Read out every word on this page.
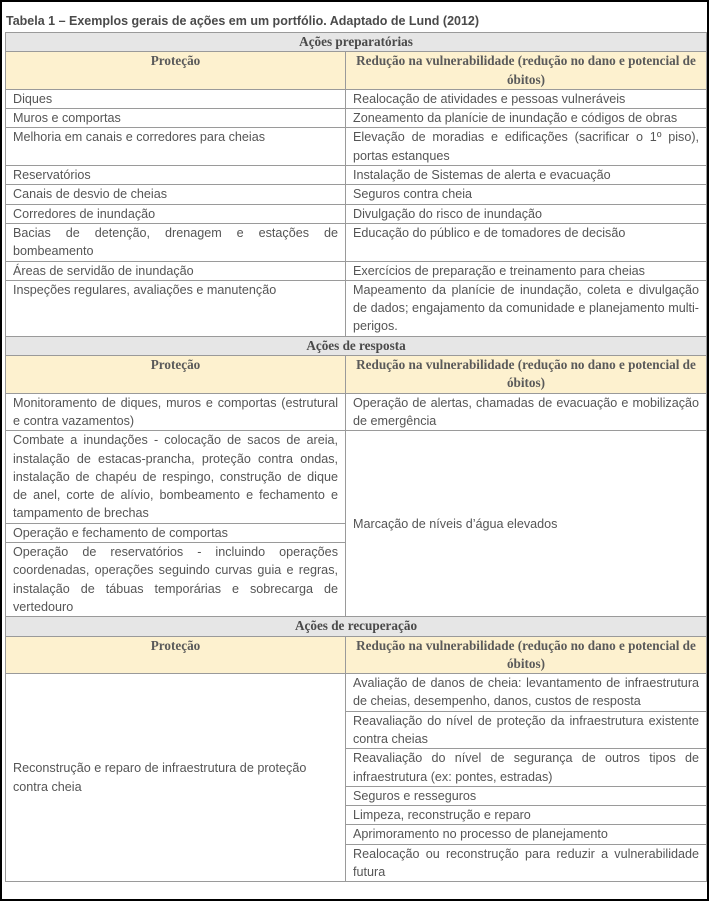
Tabela 1 – Exemplos gerais de ações em um portfólio. Adaptado de Lund (2012)
Ações preparatórias	
Proteção	Redução na vulnerabilidade (redução no dano e potencial de óbitos)
Diques	Realocação de atividades e pessoas vulneráveis
Muros e comportas	Zoneamento da planície de inundação e códigos de obras
Melhoria em canais e corredores para cheias	Elevação de moradias e edificações (sacrificar o 1º piso), portas estanques
Reservatórios	Instalação de Sistemas de alerta e evacuação
Canais de desvio de cheias	Seguros contra cheia
Corredores de inundação	Divulgação do risco de inundação
Bacias de detenção, drenagem e estações de bombeamento	Educação do público e de tomadores de decisão
Áreas de servidão de inundação	Exercícios de preparação e treinamento para cheias
Inspeções regulares, avaliações e manutenção	Mapeamento da planície de inundação, coleta e divulgação de dados; engajamento da comunidade e planejamento multi-perigos.
Ações de resposta	
Proteção	Redução na vulnerabilidade (redução no dano e potencial de óbitos)
Monitoramento de diques, muros e comportas (estrutural e contra vazamentos)	Operação de alertas, chamadas de evacuação e mobilização de emergência
Combate a inundações - colocação de sacos de areia, instalação de estacas-prancha, proteção contra ondas, instalação de chapéu de respingo, construção de dique de anel, corte de alívio, bombeamento e fechamento e tampamento de brechas	Marcação de níveis d’água elevados
Operação e fechamento de comportas	
Operação de reservatórios - incluindo operações coordenadas, operações seguindo curvas guia e regras, instalação de tábuas temporárias e sobrecarga de vertedouro	
Ações de recuperação	
Proteção	Redução na vulnerabilidade (redução no dano e potencial de óbitos)
Reconstrução e reparo de infraestrutura de proteção contra cheia	Avaliação de danos de cheia: levantamento de infraestrutura de cheias, desempenho, danos, custos de resposta
	Reavaliação do nível de proteção da infraestrutura existente contra cheias
	Reavaliação do nível de segurança de outros tipos de infraestrutura (ex: pontes, estradas)
	Seguros e resseguros
	Limpeza, reconstrução e reparo
	Aprimoramento no processo de planejamento
	Realocação ou reconstrução para reduzir a vulnerabilidade futura
